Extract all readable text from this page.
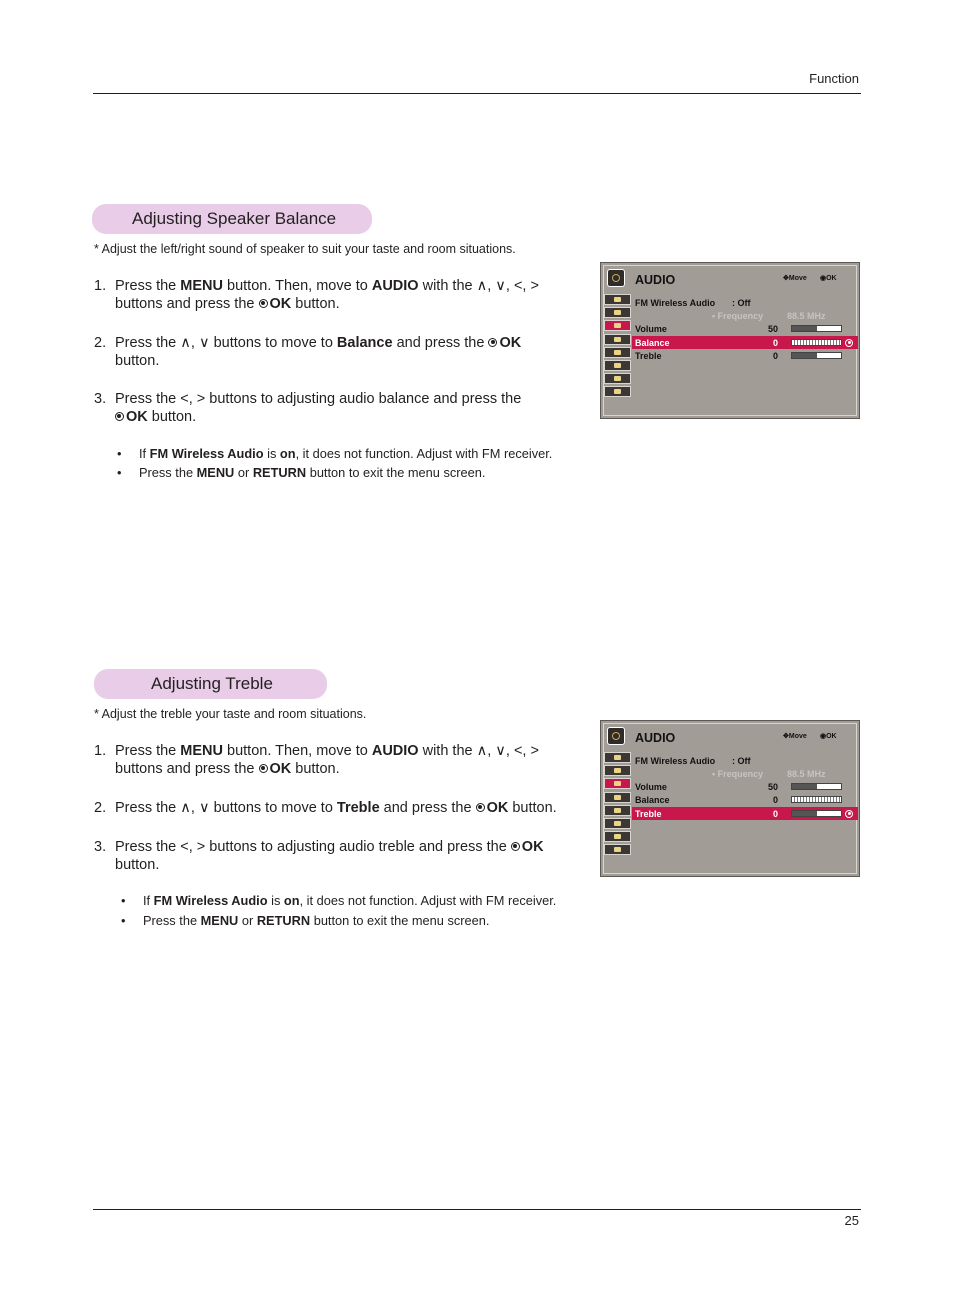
Function
Adjusting Speaker Balance
* Adjust the left/right sound of speaker to suit your taste and room situations.
1. Press the MENU button. Then, move to AUDIO with the ∧, ∨, <, >
buttons and press the OK button.
2. Press the ∧, ∨ buttons to move to Balance and press the OK
button.
3. Press the <, > buttons to adjusting audio balance and press the
OK button.
• If FM Wireless Audio is on, it does not function. Adjust with FM receiver.
• Press the MENU or RETURN button to exit the menu screen.
AUDIO	✥Move ◉OK
FM Wireless Audio : Off
• Frequency	88.5 MHz
Volume	50
Balance	0
Treble	0
Adjusting Treble
* Adjust the treble your taste and room situations.
1. Press the MENU button. Then, move to AUDIO with the ∧, ∨, <, >
buttons and press the OK button.
2. Press the ∧, ∨ buttons to move to Treble and press the OK button.
3. Press the <, > buttons to adjusting audio treble and press the OK
button.
• If FM Wireless Audio is on, it does not function. Adjust with FM receiver.
• Press the MENU or RETURN button to exit the menu screen.
AUDIO	✥Move ◉OK
FM Wireless Audio : Off
• Frequency	88.5 MHz
Volume	50
Balance	0
Treble	0
25
